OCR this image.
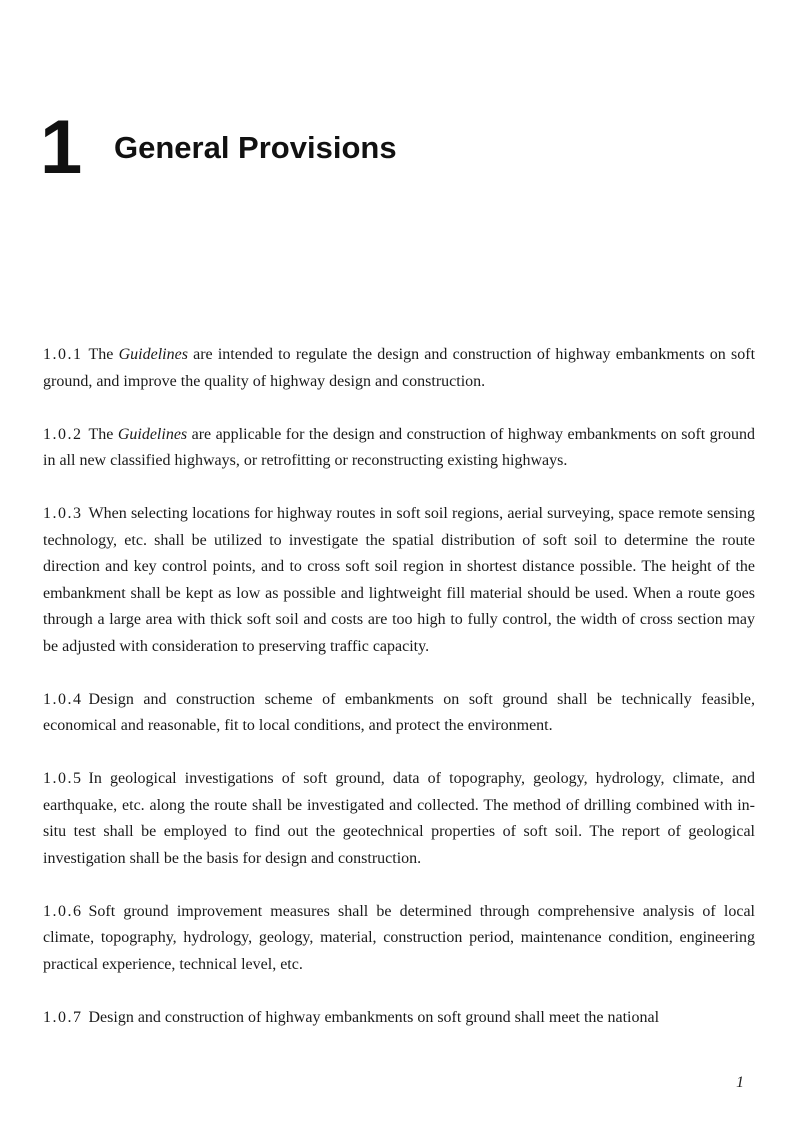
1 General Provisions

1.0.1 The Guidelines are intended to regulate the design and construction of highway embankments on soft ground, and improve the quality of highway design and construction.

1.0.2 The Guidelines are applicable for the design and construction of highway embankments on soft ground in all new classified highways, or retrofitting or reconstructing existing highways.

1.0.3 When selecting locations for highway routes in soft soil regions, aerial surveying, space remote sensing technology, etc. shall be utilized to investigate the spatial distribution of soft soil to determine the route direction and key control points, and to cross soft soil region in shortest distance possible. The height of the embankment shall be kept as low as possible and lightweight fill material should be used. When a route goes through a large area with thick soft soil and costs are too high to fully control, the width of cross section may be adjusted with consideration to preserving traffic capacity.

1.0.4 Design and construction scheme of embankments on soft ground shall be technically feasible, economical and reasonable, fit to local conditions, and protect the environment.

1.0.5 In geological investigations of soft ground, data of topography, geology, hydrology, climate, and earthquake, etc. along the route shall be investigated and collected. The method of drilling combined with in-situ test shall be employed to find out the geotechnical properties of soft soil. The report of geological investigation shall be the basis for design and construction.

1.0.6 Soft ground improvement measures shall be determined through comprehensive analysis of local climate, topography, hydrology, geology, material, construction period, maintenance condition, engineering practical experience, technical level, etc.

1.0.7 Design and construction of highway embankments on soft ground shall meet the national

1
